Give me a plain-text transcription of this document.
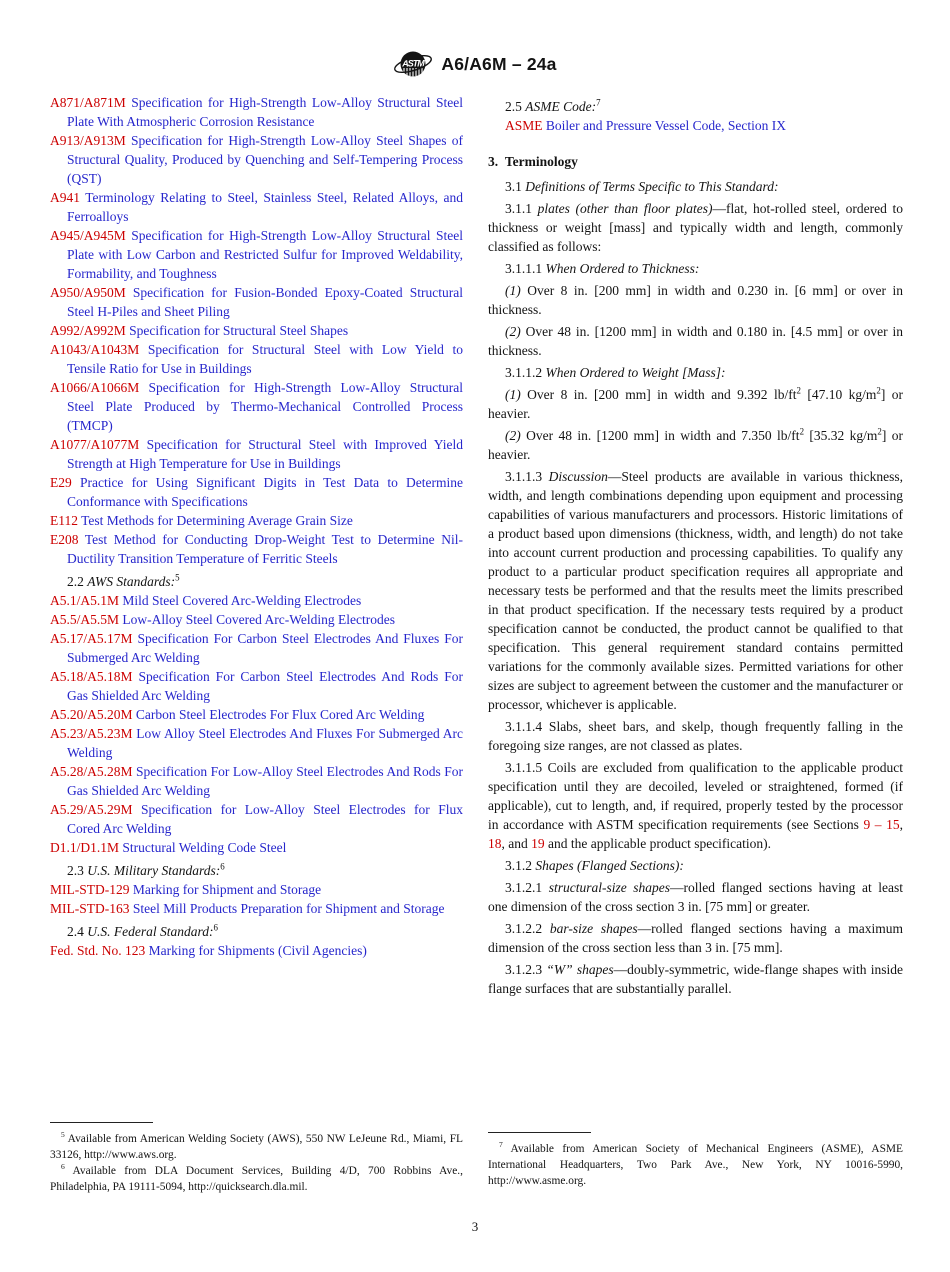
ASTM A6/A6M – 24a
A871/A871M Specification for High-Strength Low-Alloy Structural Steel Plate With Atmospheric Corrosion Resistance
A913/A913M Specification for High-Strength Low-Alloy Steel Shapes of Structural Quality, Produced by Quenching and Self-Tempering Process (QST)
A941 Terminology Relating to Steel, Stainless Steel, Related Alloys, and Ferroalloys
A945/A945M Specification for High-Strength Low-Alloy Structural Steel Plate with Low Carbon and Restricted Sulfur for Improved Weldability, Formability, and Toughness
A950/A950M Specification for Fusion-Bonded Epoxy-Coated Structural Steel H-Piles and Sheet Piling
A992/A992M Specification for Structural Steel Shapes
A1043/A1043M Specification for Structural Steel with Low Yield to Tensile Ratio for Use in Buildings
A1066/A1066M Specification for High-Strength Low-Alloy Structural Steel Plate Produced by Thermo-Mechanical Controlled Process (TMCP)
A1077/A1077M Specification for Structural Steel with Improved Yield Strength at High Temperature for Use in Buildings
E29 Practice for Using Significant Digits in Test Data to Determine Conformance with Specifications
E112 Test Methods for Determining Average Grain Size
E208 Test Method for Conducting Drop-Weight Test to Determine Nil-Ductility Transition Temperature of Ferritic Steels
2.2 AWS Standards:$^5$
A5.1/A5.1M Mild Steel Covered Arc-Welding Electrodes
A5.5/A5.5M Low-Alloy Steel Covered Arc-Welding Electrodes
A5.17/A5.17M Specification For Carbon Steel Electrodes And Fluxes For Submerged Arc Welding
A5.18/A5.18M Specification For Carbon Steel Electrodes And Rods For Gas Shielded Arc Welding
A5.20/A5.20M Carbon Steel Electrodes For Flux Cored Arc Welding
A5.23/A5.23M Low Alloy Steel Electrodes And Fluxes For Submerged Arc Welding
A5.28/A5.28M Specification For Low-Alloy Steel Electrodes And Rods For Gas Shielded Arc Welding
A5.29/A5.29M Specification for Low-Alloy Steel Electrodes for Flux Cored Arc Welding
D1.1/D1.1M Structural Welding Code Steel
2.3 U.S. Military Standards:$^6$
MIL-STD-129 Marking for Shipment and Storage
MIL-STD-163 Steel Mill Products Preparation for Shipment and Storage
2.4 U.S. Federal Standard:$^6$
Fed. Std. No. 123 Marking for Shipments (Civil Agencies)
2.5 ASME Code:$^7$
ASME Boiler and Pressure Vessel Code, Section IX
3. Terminology
3.1 Definitions of Terms Specific to This Standard:
3.1.1 plates (other than floor plates)—flat, hot-rolled steel, ordered to thickness or weight [mass] and typically width and length, commonly classified as follows:
3.1.1.1 When Ordered to Thickness:
(1) Over 8 in. [200 mm] in width and 0.230 in. [6 mm] or over in thickness.
(2) Over 48 in. [1200 mm] in width and 0.180 in. [4.5 mm] or over in thickness.
3.1.1.2 When Ordered to Weight [Mass]:
(1) Over 8 in. [200 mm] in width and 9.392 $lb/ft^2$ [47.10 $kg/m^2$] or heavier.
(2) Over 48 in. [1200 mm] in width and 7.350 $lb/ft^2$ [35.32 $kg/m^2$] or heavier.
3.1.1.3 Discussion—Steel products are available in various thickness, width, and length combinations depending upon equipment and processing capabilities of various manufacturers and processors. Historic limitations of a product based upon dimensions (thickness, width, and length) do not take into account current production and processing capabilities. To qualify any product to a particular product specification requires all appropriate and necessary tests be performed and that the results meet the limits prescribed in that product specification. If the necessary tests required by a product specification cannot be conducted, the product cannot be qualified to that specification. This general requirement standard contains permitted variations for the commonly available sizes. Permitted variations for other sizes are subject to agreement between the customer and the manufacturer or processor, whichever is applicable.
3.1.1.4 Slabs, sheet bars, and skelp, though frequently falling in the foregoing size ranges, are not classed as plates.
3.1.1.5 Coils are excluded from qualification to the applicable product specification until they are decoiled, leveled or straightened, formed (if applicable), cut to length, and, if required, properly tested by the processor in accordance with ASTM specification requirements (see Sections 9 – 15, 18, and 19 and the applicable product specification).
3.1.2 Shapes (Flanged Sections):
3.1.2.1 structural-size shapes—rolled flanged sections having at least one dimension of the cross section 3 in. [75 mm] or greater.
3.1.2.2 bar-size shapes—rolled flanged sections having a maximum dimension of the cross section less than 3 in. [75 mm].
3.1.2.3 “W” shapes—doubly-symmetric, wide-flange shapes with inside flange surfaces that are substantially parallel.
$^5$ Available from American Welding Society (AWS), 550 NW LeJeune Rd., Miami, FL 33126, http://www.aws.org.
$^6$ Available from DLA Document Services, Building 4/D, 700 Robbins Ave., Philadelphia, PA 19111-5094, http://quicksearch.dla.mil.
$^7$ Available from American Society of Mechanical Engineers (ASME), ASME International Headquarters, Two Park Ave., New York, NY 10016-5990, http://www.asme.org.
3
